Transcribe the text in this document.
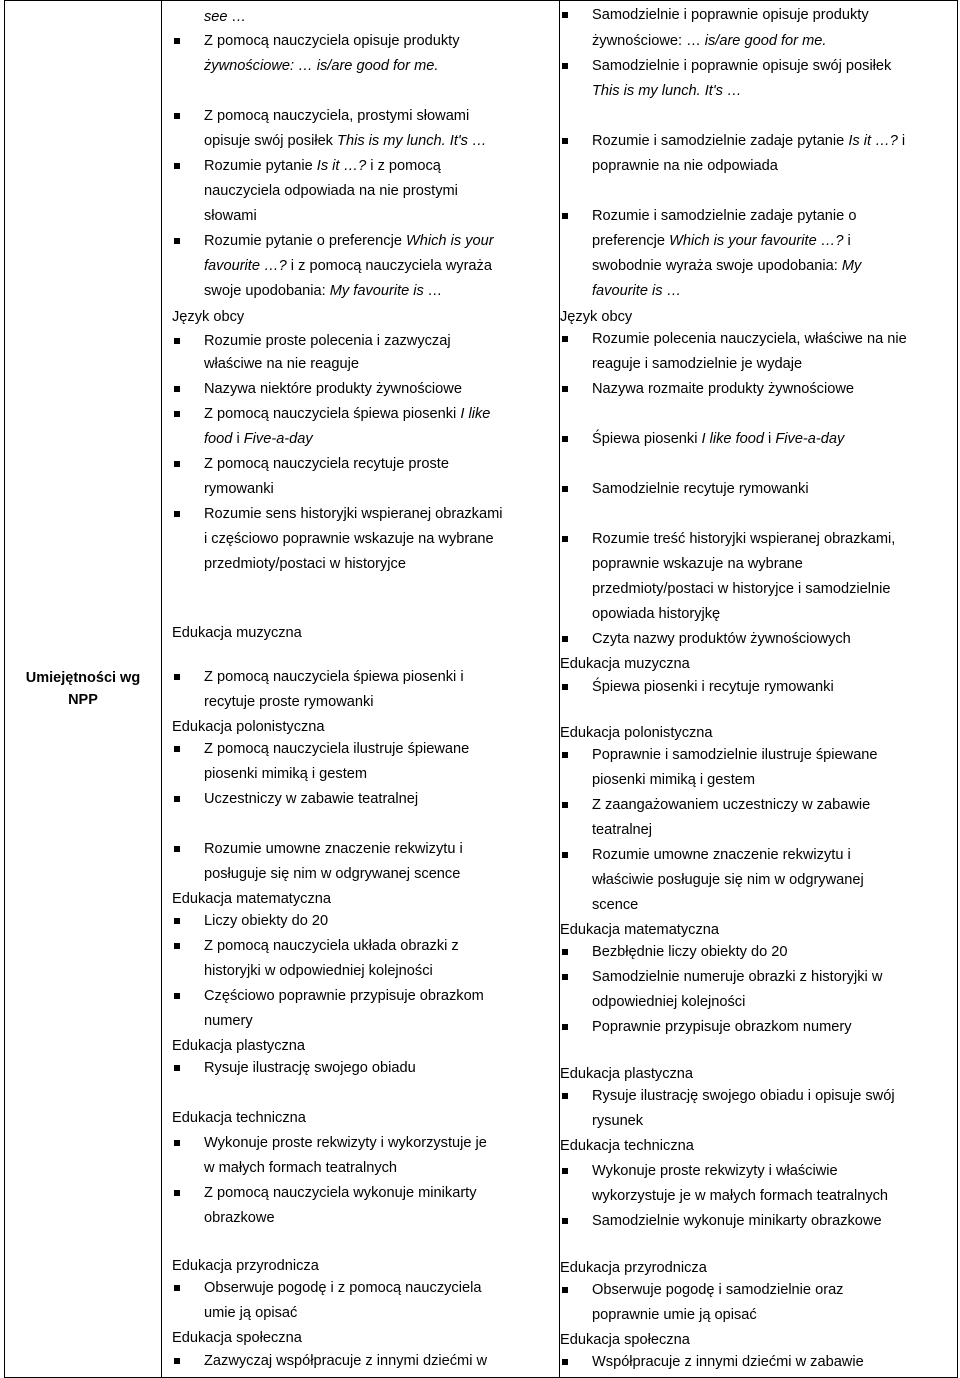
Umiejętności wg
NPP

see …
Z pomocą nauczyciela opisuje produkty
żywnościowe: … is/are good for me.
Z pomocą nauczyciela, prostymi słowami
opisuje swój posiłek This is my lunch. It's …
Rozumie pytanie Is it …? i z pomocą
nauczyciela odpowiada na nie prostymi
słowami
Rozumie pytanie o preferencje Which is your
favourite …? i z pomocą nauczyciela wyraża
swoje upodobania: My favourite is …
Język obcy
Rozumie proste polecenia i zazwyczaj
właściwe na nie reaguje
Nazywa niektóre produkty żywnościowe
Z pomocą nauczyciela śpiewa piosenki I like
food i Five-a-day
Z pomocą nauczyciela recytuje proste
rymowanki
Rozumie sens historyjki wspieranej obrazkami
i częściowo poprawnie wskazuje na wybrane
przedmioty/postaci w historyjce
Edukacja muzyczna
Z pomocą nauczyciela śpiewa piosenki i
recytuje proste rymowanki
Edukacja polonistyczna
Z pomocą nauczyciela ilustruje śpiewane
piosenki mimiką i gestem
Uczestniczy w zabawie teatralnej
Rozumie umowne znaczenie rekwizytu i
posługuje się nim w odgrywanej scence
Edukacja matematyczna
Liczy obiekty do 20
Z pomocą nauczyciela układa obrazki z
historyjki w odpowiedniej kolejności
Częściowo poprawnie przypisuje obrazkom
numery
Edukacja plastyczna
Rysuje ilustrację swojego obiadu
Edukacja techniczna
Wykonuje proste rekwizyty i wykorzystuje je
w małych formach teatralnych
Z pomocą nauczyciela wykonuje minikarty
obrazkowe
Edukacja przyrodnicza
Obserwuje pogodę i z pomocą nauczyciela
umie ją opisać
Edukacja społeczna
Zazwyczaj współpracuje z innymi dziećmi w

Samodzielnie i poprawnie opisuje produkty
żywnościowe: … is/are good for me.
Samodzielnie i poprawnie opisuje swój posiłek
This is my lunch. It's …
Rozumie i samodzielnie zadaje pytanie Is it …? i
poprawnie na nie odpowiada
Rozumie i samodzielnie zadaje pytanie o
preferencje Which is your favourite …? i
swobodnie wyraża swoje upodobania: My
favourite is …
Język obcy
Rozumie polecenia nauczyciela, właściwe na nie
reaguje i samodzielnie je wydaje
Nazywa rozmaite produkty żywnościowe
Śpiewa piosenki I like food i Five-a-day
Samodzielnie recytuje rymowanki
Rozumie treść historyjki wspieranej obrazkami,
poprawnie wskazuje na wybrane
przedmioty/postaci w historyjce i samodzielnie
opowiada historyjkę
Czyta nazwy produktów żywnościowych
Edukacja muzyczna
Śpiewa piosenki i recytuje rymowanki
Edukacja polonistyczna
Poprawnie i samodzielnie ilustruje śpiewane
piosenki mimiką i gestem
Z zaangażowaniem uczestniczy w zabawie
teatralnej
Rozumie umowne znaczenie rekwizytu i
właściwie posługuje się nim w odgrywanej
scence
Edukacja matematyczna
Bezbłędnie liczy obiekty do 20
Samodzielnie numeruje obrazki z historyjki w
odpowiedniej kolejności
Poprawnie przypisuje obrazkom numery
Edukacja plastyczna
Rysuje ilustrację swojego obiadu i opisuje swój
rysunek
Edukacja techniczna
Wykonuje proste rekwizyty i właściwie
wykorzystuje je w małych formach teatralnych
Samodzielnie wykonuje minikarty obrazkowe
Edukacja przyrodnicza
Obserwuje pogodę i samodzielnie oraz
poprawnie umie ją opisać
Edukacja społeczna
Współpracuje z innymi dziećmi w zabawie
